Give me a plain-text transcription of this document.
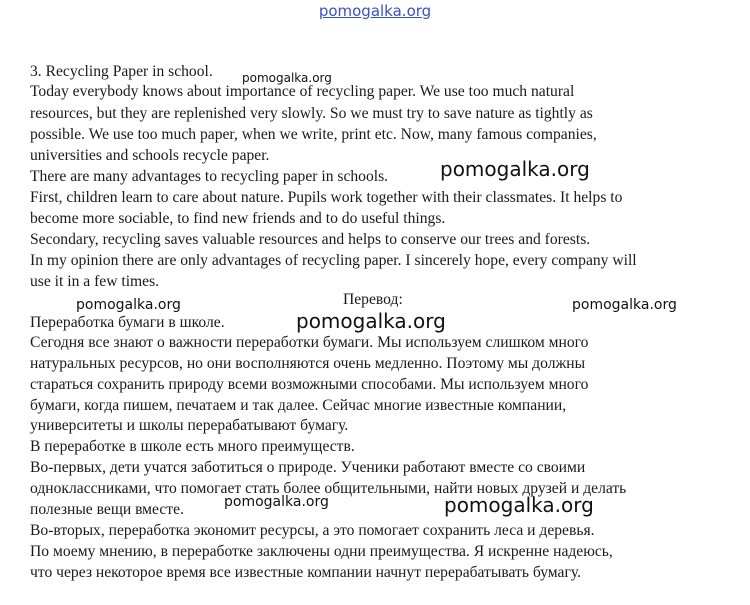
pomogalka.org
3. Recycling Paper in school. pomogalka.org
Today everybody knows about importance of recycling paper. We use too much natural
resources, but they are replenished very slowly. So we must try to save nature as tightly as
possible. We use too much paper, when we write, print etc. Now, many famous companies,
universities and schools recycle paper.
There are many advantages to recycling paper in schools.	pomogalka.org
First, children learn to care about nature. Pupils work together with their classmates. It helps to
become more sociable, to find new friends and to do useful things.
Secondary, recycling saves valuable resources and helps to conserve our trees and forests.
In my opinion there are only advantages of recycling paper. I sincerely hope, every company will
use it in a few times.
pomogalka.org	Перевод:	pomogalka.org
Переработка бумаги в школе.	pomogalka.org
Сегодня все знают о важности переработки бумаги. Мы используем слишком много
натуральных ресурсов, но они восполняются очень медленно. Поэтому мы должны
стараться сохранить природу всеми возможными способами. Мы используем много
бумаги, когда пишем, печатаем и так далее. Сейчас многие известные компании,
университеты и школы перерабатывают бумагу.
В переработке в школе есть много преимуществ.
Во-первых, дети учатся заботиться о природе. Ученики работают вместе со своими
одноклассниками, что помогает стать более общительными, найти новых друзей и делать
полезные вещи вместе.	pomogalka.org	pomogalka.org
Во-вторых, переработка экономит ресурсы, а это помогает сохранить леса и деревья.
По моему мнению, в переработке заключены одни преимущества. Я искренне надеюсь,
что через некоторое время все известные компании начнут перерабатывать бумагу.
